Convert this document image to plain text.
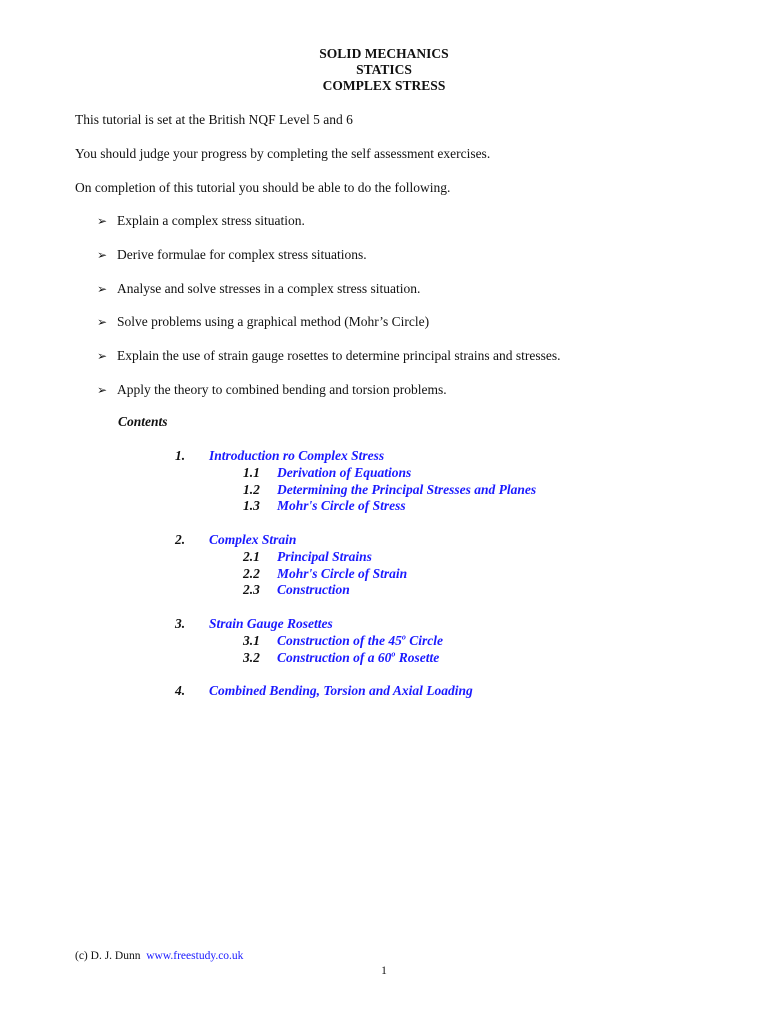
SOLID MECHANICS
STATICS
COMPLEX STRESS
This tutorial is set at the British NQF Level 5 and 6
You should judge your progress by completing the self assessment exercises.
On completion of this tutorial you should be able to do the following.
➢ Explain a complex stress situation.
➢ Derive formulae for complex stress situations.
➢ Analyse and solve stresses in a complex stress situation.
➢ Solve problems using a graphical method (Mohr’s Circle)
➢ Explain the use of strain gauge rosettes to determine principal strains and stresses.
➢ Apply the theory to combined bending and torsion problems.
Contents
1. Introduction ro Complex Stress
1.1 Derivation of Equations
1.2 Determining the Principal Stresses and Planes
1.3 Mohr's Circle of Stress
2. Complex Strain
2.1 Principal Strains
2.2 Mohr's Circle of Strain
2.3 Construction
3. Strain Gauge Rosettes
3.1 Construction of the 45$^o$ Circle
3.2 Construction of a 60$^o$ Rosette
4. Combined Bending, Torsion and Axial Loading
(c) D. J. Dunn www.freestudy.co.uk
1
